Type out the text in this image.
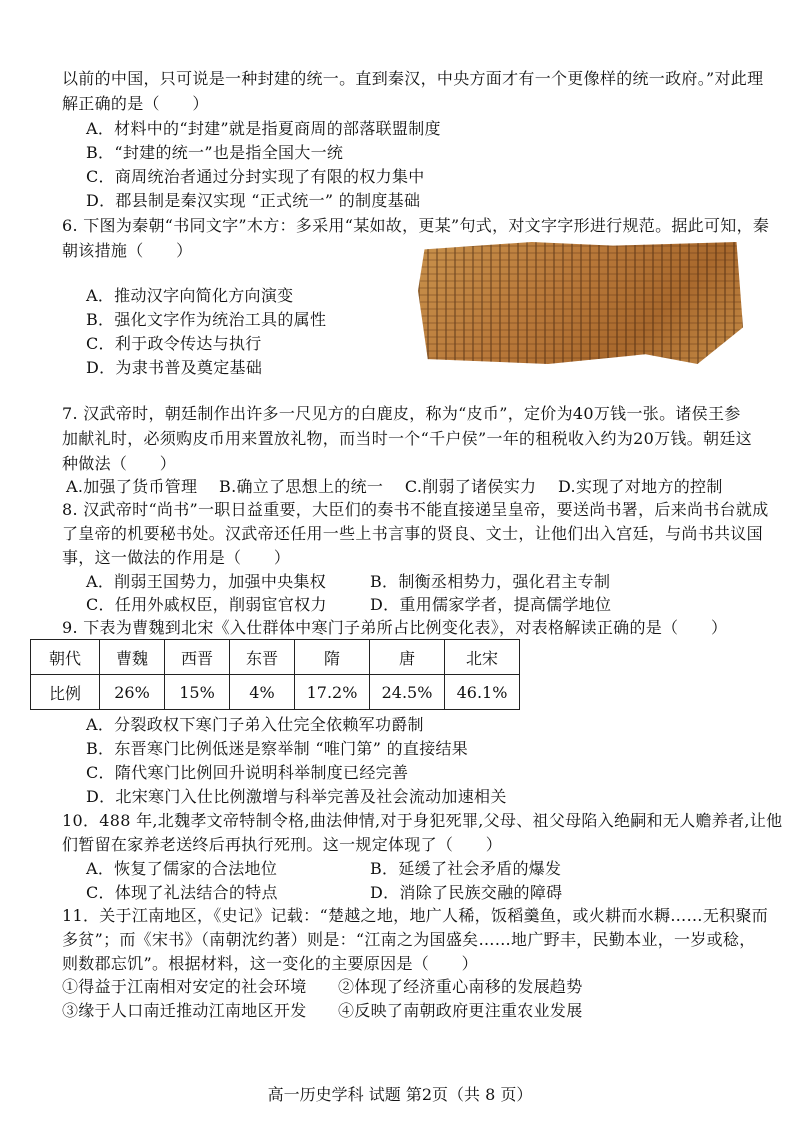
以前的中国，只可说是一种封建的统一。直到秦汉，中央方面才有一个更像样的统一政府。”对此理
解正确的是（　　）
A．材料中的“封建”就是指夏商周的部落联盟制度
B．“封建的统一”也是指全国大一统
C．商周统治者通过分封实现了有限的权力集中
D．郡县制是秦汉实现 “正式统一” 的制度基础
6. 下图为秦朝“书同文字”木方：多采用“某如故，更某”句式，对文字字形进行规范。据此可知，秦
朝该措施（　　）
A．推动汉字向简化方向演变
B．强化文字作为统治工具的属性
C．利于政令传达与执行
D．为隶书普及奠定基础
7. 汉武帝时，朝廷制作出许多一尺见方的白鹿皮，称为“皮币”，定价为40万钱一张。诸侯王参
加献礼时，必须购皮币用来置放礼物，而当时一个“千户侯”一年的租税收入约为20万钱。朝廷这
种做法（　　）
A.加强了货币管理　 B.确立了思想上的统一　 C.削弱了诸侯实力　 D.实现了对地方的控制
8. 汉武帝时“尚书”一职日益重要，大臣们的奏书不能直接递呈皇帝，要送尚书署，后来尚书台就成
了皇帝的机要秘书处。汉武帝还任用一些上书言事的贤良、文士，让他们出入宫廷，与尚书共议国
事，这一做法的作用是（　　）
A．削弱王国势力，加强中央集权	B．制衡丞相势力，强化君主专制
C．任用外戚权臣，削弱宦官权力	D．重用儒家学者，提高儒学地位
9. 下表为曹魏到北宋《入仕群体中寒门子弟所占比例变化表》，对表格解读正确的是（　　）
朝代	曹魏	西晋	东晋	隋	唐	北宋
比例	26%	15%	4%	17.2%	24.5%	46.1%
A．分裂政权下寒门子弟入仕完全依赖军功爵制
B．东晋寒门比例低迷是察举制 “唯门第” 的直接结果
C．隋代寒门比例回升说明科举制度已经完善
D．北宋寒门入仕比例激增与科举完善及社会流动加速相关
10．488 年,北魏孝文帝特制令格,曲法伸情,对于身犯死罪,父母、祖父母陷入绝嗣和无人赡养者,让他
们暂留在家养老送终后再执行死刑。这一规定体现了（　　）
A．恢复了儒家的合法地位	B．延缓了社会矛盾的爆发
C．体现了礼法结合的特点	D．消除了民族交融的障碍
11．关于江南地区，《史记》记载：“楚越之地，地广人稀，饭稻羹鱼，或火耕而水耨……无积聚而
多贫”；而《宋书》（南朝沈约著）则是：“江南之为国盛矣……地广野丰，民勤本业，一岁或稔，
则数郡忘饥”。根据材料，这一变化的主要原因是（　　）
①得益于江南相对安定的社会环境 ②体现了经济重心南移的发展趋势
③缘于人口南迁推动江南地区开发 ④反映了南朝政府更注重农业发展
高一历史学科 试题 第2页（共 8 页）
